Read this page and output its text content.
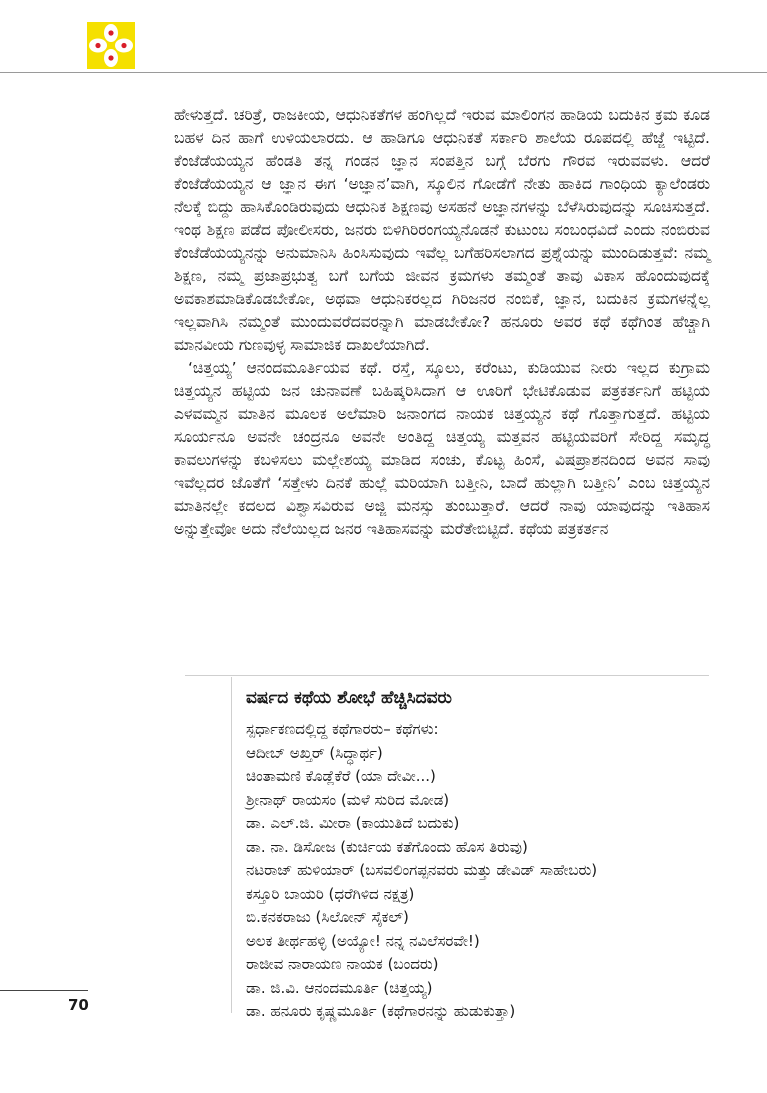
ಹೇಳುತ್ತದೆ. ಚರಿತ್ರೆ, ರಾಜಕೀಯ, ಆಧುನಿಕತೆಗಳ ಹಂಗಿಲ್ಲದೆ ಇರುವ ಮಾಲಿಂಗನ ಹಾಡಿಯ ಬದುಕಿನ ಕ್ರಮ ಕೂಡ ಬಹಳ ದಿನ ಹಾಗೆ ಉಳಿಯಲಾರದು. ಆ ಹಾಡಿಗೂ ಆಧುನಿಕತೆ ಸರ್ಕಾರಿ ಶಾಲೆಯ ರೂಪದಲ್ಲಿ ಹೆಜ್ಜೆ ಇಟ್ಟಿದೆ. ಕೆಂಜೆಡೆಯಯ್ಯನ ಹೆಂಡತಿ ತನ್ನ ಗಂಡನ ಜ್ಞಾನ ಸಂಪತ್ತಿನ ಬಗ್ಗೆ ಬೆರಗು ಗೌರವ ಇರುವವಳು. ಆದರೆ ಕೆಂಜೆಡೆಯಯ್ಯನ ಆ ಜ್ಞಾನ ಈಗ ‘ಅಜ್ಞಾನ’ವಾಗಿ, ಸ್ಕೂಲಿನ ಗೋಡೆಗೆ ನೇತು ಹಾಕಿದ ಗಾಂಧಿಯ ಕ್ಯಾಲೆಂಡರು ನೆಲಕ್ಕೆ ಬಿದ್ದು ಹಾಸಿಕೊಂಡಿರುವುದು ಆಧುನಿಕ ಶಿಕ್ಷಣವು ಅಸಹನೆ ಅಜ್ಞಾನಗಳನ್ನು ಬೆಳೆಸಿರುವುದನ್ನು ಸೂಚಿಸುತ್ತದೆ. ಇಂಥ ಶಿಕ್ಷಣ ಪಡೆದ ಪೋಲೀಸರು, ಜನರು ಬಿಳಿಗಿರಿರಂಗಯ್ಯನೊಡನೆ ಕುಟುಂಬ ಸಂಬಂಧವಿದೆ ಎಂದು ನಂಬಿರುವ ಕೆಂಜೆಡೆಯಯ್ಯನನ್ನು ಅನುಮಾನಿಸಿ ಹಿಂಸಿಸುವುದು ಇವೆಲ್ಲ ಬಗೆಹರಿಸಲಾಗದ ಪ್ರಶ್ನೆಯನ್ನು ಮುಂದಿಡುತ್ತವೆ: ನಮ್ಮ ಶಿಕ್ಷಣ, ನಮ್ಮ ಪ್ರಜಾಪ್ರಭುತ್ವ ಬಗೆ ಬಗೆಯ ಜೀವನ ಕ್ರಮಗಳು ತಮ್ಮಂತೆ ತಾವು ವಿಕಾಸ ಹೊಂದುವುದಕ್ಕೆ ಅವಕಾಶಮಾಡಿಕೊಡಬೇಕೋ, ಅಥವಾ ಆಧುನಿಕರಲ್ಲದ ಗಿರಿಜನರ ನಂಬಿಕೆ, ಜ್ಞಾನ, ಬದುಕಿನ ಕ್ರಮಗಳನ್ನೆಲ್ಲ ಇಲ್ಲವಾಗಿಸಿ ನಮ್ಮಂತೆ ಮುಂದುವರೆದವರನ್ನಾಗಿ ಮಾಡಬೇಕೋ? ಹನೂರು ಅವರ ಕಥೆ ಕಥೆಗಿಂತ ಹೆಚ್ಚಾಗಿ ಮಾನವೀಯ ಗುಣವುಳ್ಳ ಸಾಮಾಜಿಕ ದಾಖಲೆಯಾಗಿದೆ.

‘ಚಿತ್ತಯ್ಯ’ ಆನಂದಮೂರ್ತಿಯವ ಕಥೆ. ರಸ್ತೆ, ಸ್ಕೂಲು, ಕರೆಂಟು, ಕುಡಿಯುವ ನೀರು ಇಲ್ಲದ ಕುಗ್ರಾಮ ಚಿತ್ತಯ್ಯನ ಹಟ್ಟಿಯ ಜನ ಚುನಾವಣೆ ಬಹಿಷ್ಕರಿಸಿದಾಗ ಆ ಊರಿಗೆ ಭೇಟಿಕೊಡುವ ಪತ್ರಕರ್ತನಿಗೆ ಹಟ್ಟಿಯ ಎಳವಮ್ಮನ ಮಾತಿನ ಮೂಲಕ ಅಲೆಮಾರಿ ಜನಾಂಗದ ನಾಯಕ ಚಿತ್ತಯ್ಯನ ಕಥೆ ಗೊತ್ತಾಗುತ್ತದೆ. ಹಟ್ಟಿಯ ಸೂರ್ಯನೂ ಅವನೇ ಚಂದ್ರನೂ ಅವನೇ ಅಂತಿದ್ದ ಚಿತ್ತಯ್ಯ ಮತ್ತವನ ಹಟ್ಟಿಯವರಿಗೆ ಸೇರಿದ್ದ ಸಮೃದ್ಧ ಕಾವಲುಗಳನ್ನು ಕಬಳಿಸಲು ಮಲ್ಲೇಶಯ್ಯ ಮಾಡಿದ ಸಂಚು, ಕೊಟ್ಟ ಹಿಂಸೆ, ವಿಷಪ್ರಾಶನದಿಂದ ಅವನ ಸಾವು ಇವೆಲ್ಲದರ ಜೊತೆಗೆ ‘ಸತ್ತೇಳು ದಿನಕೆ ಹುಲ್ಲೆ ಮರಿಯಾಗಿ ಬತ್ತೀನಿ, ಬಾದೆ ಹುಲ್ಲಾಗಿ ಬತ್ತೀನಿ’ ಎಂಬ ಚಿತ್ತಯ್ಯನ ಮಾತಿನಲ್ಲೇ ಕದಲದ ವಿಶ್ವಾಸವಿರುವ ಅಜ್ಜಿ ಮನಸ್ಸು ತುಂಬುತ್ತಾರೆ. ಆದರೆ ನಾವು ಯಾವುದನ್ನು ಇತಿಹಾಸ ಅನ್ನುತ್ತೇವೋ ಅದು ನೆಲೆಯಿಲ್ಲದ ಜನರ ಇತಿಹಾಸವನ್ನು ಮರೆತೇಬಿಟ್ಟಿದೆ. ಕಥೆಯ ಪತ್ರಕರ್ತನ

ವರ್ಷದ ಕಥೆಯ ಶೋಭೆ ಹೆಚ್ಚಿಸಿದವರು
ಸ್ಪರ್ಧಾಕಣದಲ್ಲಿದ್ದ ಕಥೆಗಾರರು– ಕಥೆಗಳು:
ಆದೀಬ್ ಅಖ್ತರ್ (ಸಿದ್ಧಾರ್ಥ)
ಚಿಂತಾಮಣಿ ಕೊಡ್ಲೆಕೆರೆ (ಯಾ ದೇವೀ...)
ಶ್ರೀನಾಥ್ ರಾಯಸಂ (ಮಳೆ ಸುರಿದ ಮೋಡ)
ಡಾ. ಎಲ್.ಜಿ. ಮೀರಾ (ಕಾಯುತಿದೆ ಬದುಕು)
ಡಾ. ನಾ. ಡಿಸೋಜ (ಕುರ್ಚಿಯ ಕತೆಗೊಂದು ಹೊಸ ತಿರುವು)
ನಟರಾಜ್ ಹುಳಿಯಾರ್ (ಬಸವಲಿಂಗಪ್ಪನವರು ಮತ್ತು ಡೇವಿಡ್ ಸಾಹೇಬರು)
ಕಸ್ತೂರಿ ಬಾಯರಿ (ಧರೆಗಿಳಿದ ನಕ್ಷತ್ರ)
ಬಿ.ಕನಕರಾಜು (ಸಿಲೋನ್ ಸೈಕಲ್)
ಅಲಕ ತೀರ್ಥಹಳ್ಳಿ (ಅಯ್ಯೋ! ನನ್ನ ನವಿಲೆಸರವೇ!)
ರಾಜೀವ ನಾರಾಯಣ ನಾಯಕ (ಬಂದರು)
ಡಾ. ಜಿ.ವಿ. ಆನಂದಮೂರ್ತಿ (ಚಿತ್ತಯ್ಯ)
ಡಾ. ಹನೂರು ಕೃಷ್ಣಮೂರ್ತಿ (ಕಥೆಗಾರನನ್ನು ಹುಡುಕುತ್ತಾ)
70
